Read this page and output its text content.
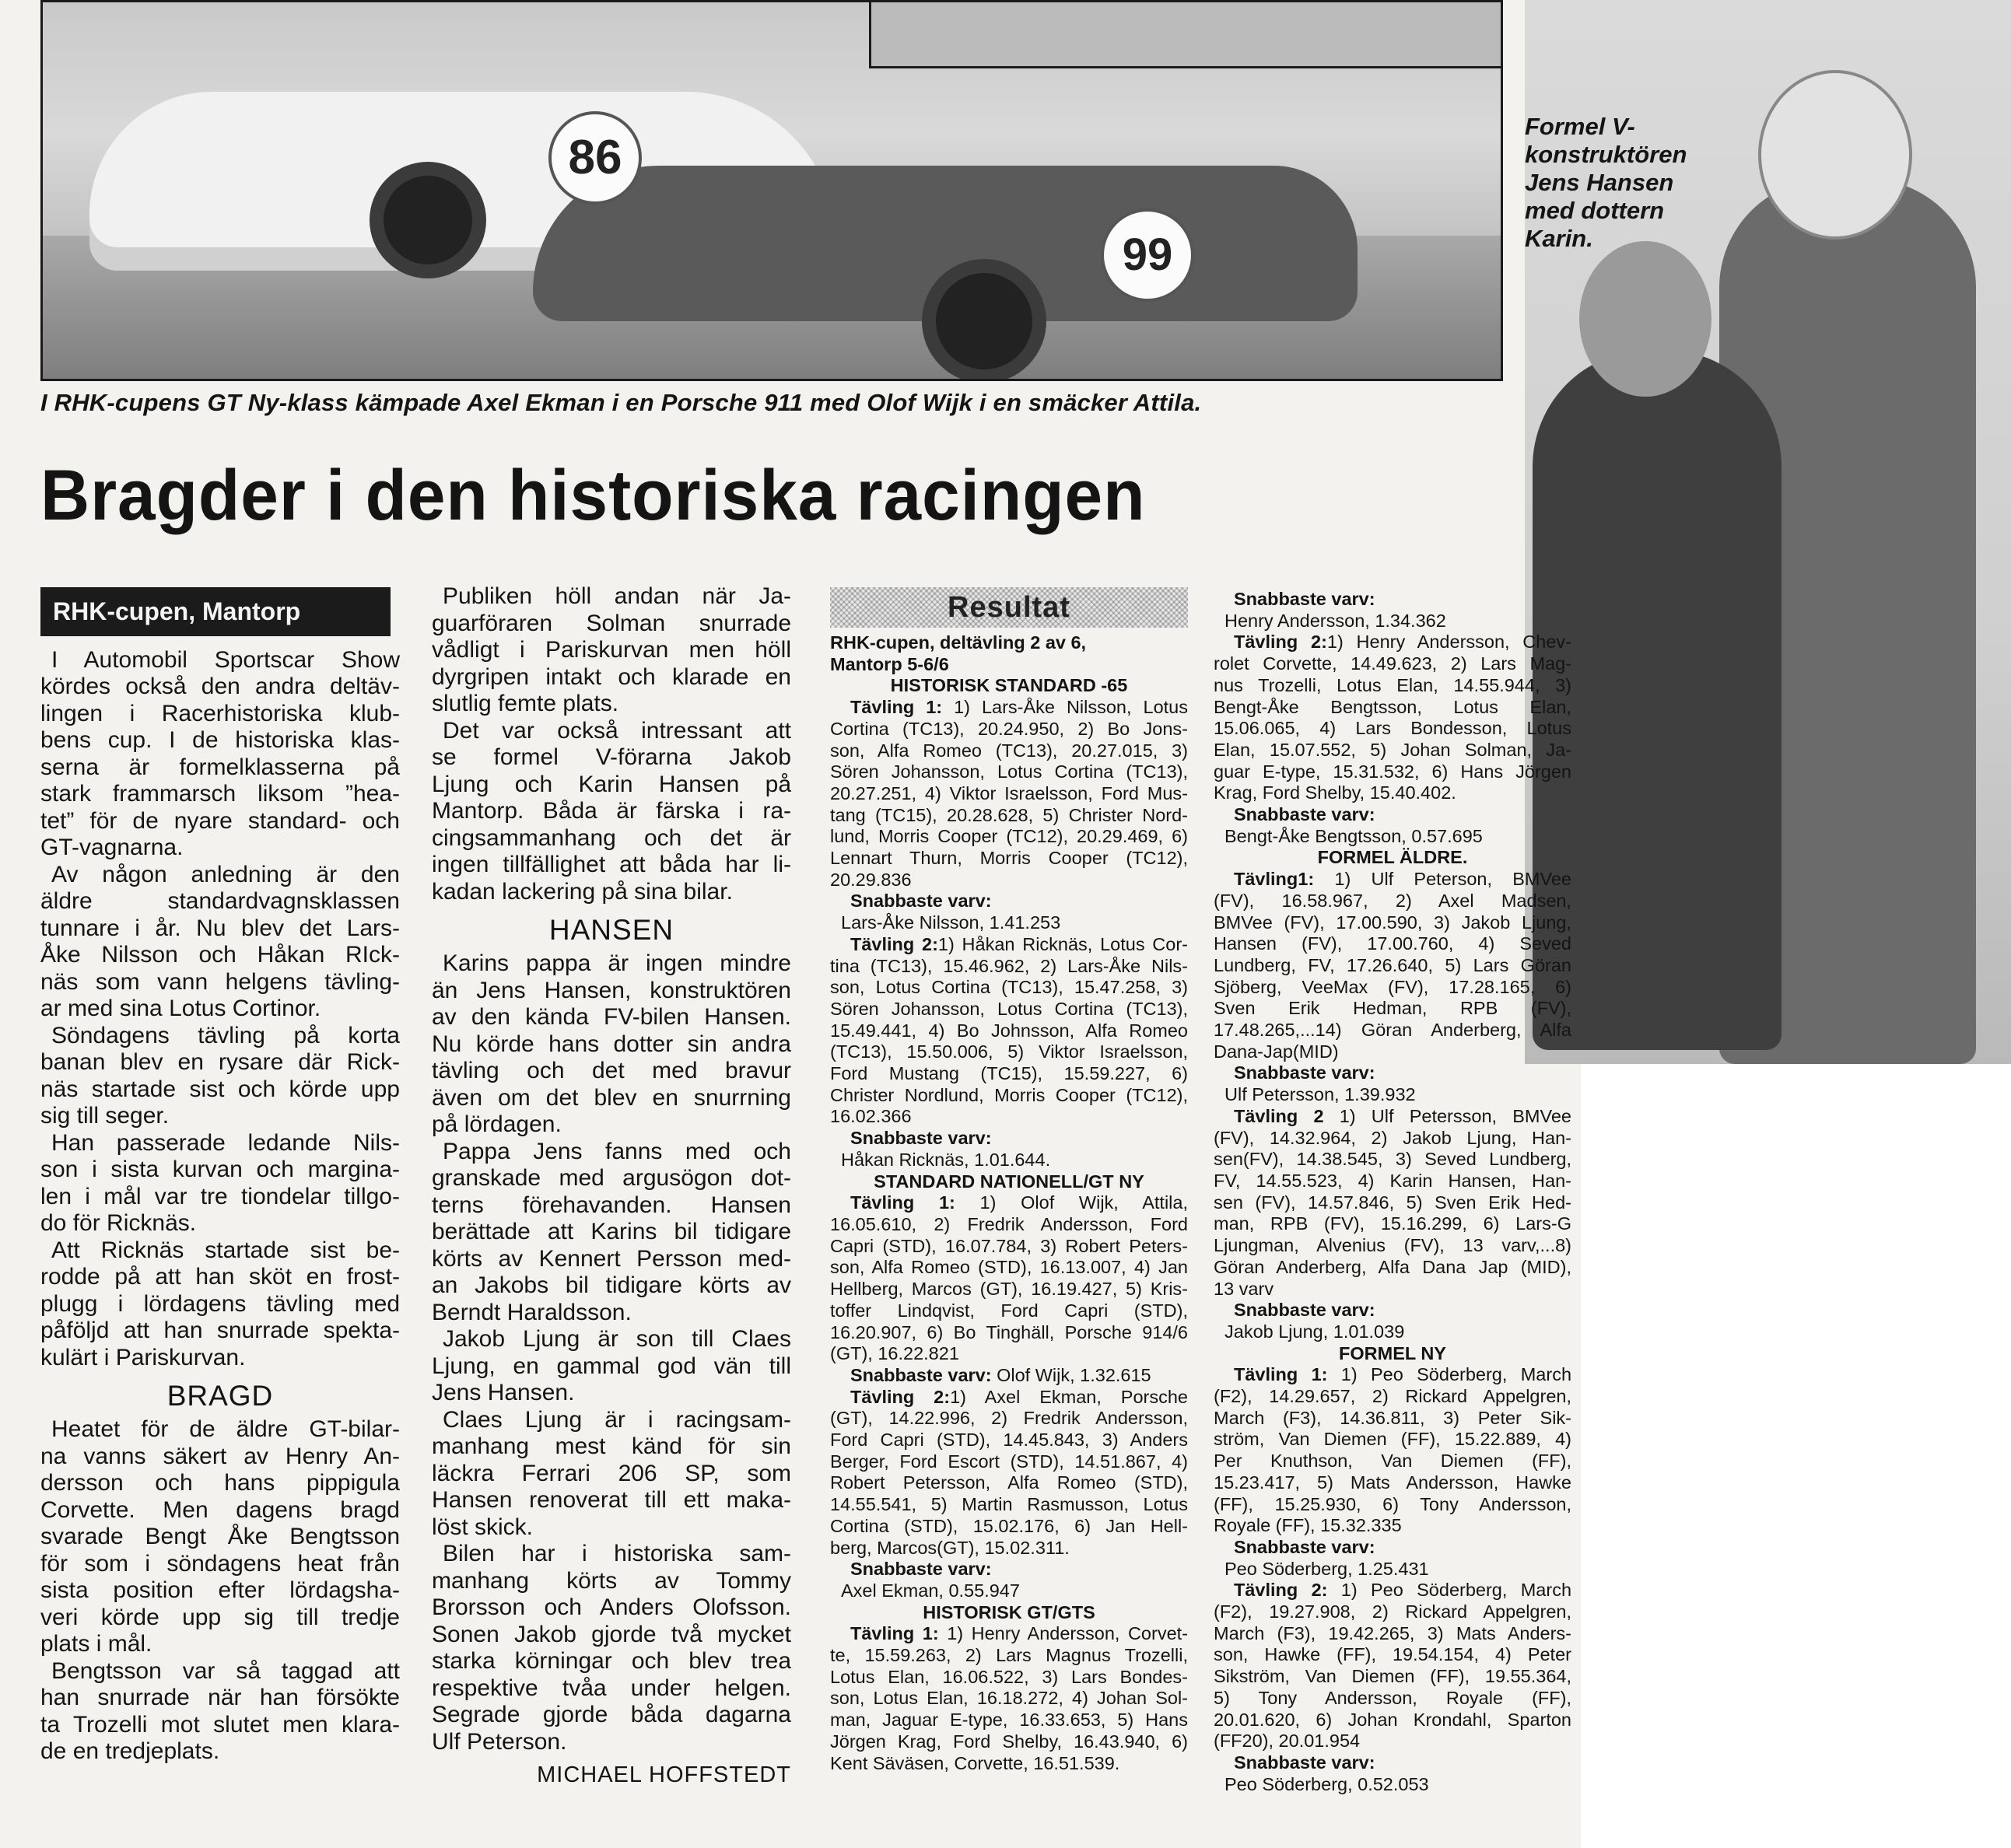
86
99
I RHK-cupens GT Ny-klass kämpade Axel Ekman i en Porsche 911 med Olof Wijk i en smäcker Attila.
Formel V-
konstruktören
Jens Hansen
med dottern
Karin.
Bragder i den historiska racingen
RHK-cupen, Mantorp

I Automobil Sportscar Show
kördes också den andra deltäv-
lingen i Racerhistoriska klub-
bens cup. I de historiska klas-
serna är formelklasserna på
stark frammarsch liksom ”hea-
tet” för de nyare standard- och
GT-vagnarna.

Av någon anledning är den
äldre standardvagnsklassen
tunnare i år. Nu blev det Lars-
Åke Nilsson och Håkan RIck-
näs som vann helgens tävling-
ar med sina Lotus Cortinor.

Söndagens tävling på korta
banan blev en rysare där Rick-
näs startade sist och körde upp
sig till seger.

Han passerade ledande Nils-
son i sista kurvan och margina-
len i mål var tre tiondelar tillgo-
do för Ricknäs.

Att Ricknäs startade sist be-
rodde på att han sköt en frost-
plugg i lördagens tävling med
påföljd att han snurrade spekta-
kulärt i Pariskurvan.

BRAGD

Heatet för de äldre GT-bilar-
na vanns säkert av Henry An-
dersson och hans pippigula
Corvette. Men dagens bragd
svarade Bengt Åke Bengtsson
för som i söndagens heat från
sista position efter lördagsha-
veri körde upp sig till tredje
plats i mål.

Bengtsson var så taggad att
han snurrade när han försökte
ta Trozelli mot slutet men klara-
de en tredjeplats.

Publiken höll andan när Ja-
guarföraren Solman snurrade
vådligt i Pariskurvan men höll
dyrgripen intakt och klarade en
slutlig femte plats.

Det var också intressant att
se formel V-förarna Jakob
Ljung och Karin Hansen på
Mantorp. Båda är färska i ra-
cingsammanhang och det är
ingen tillfällighet att båda har li-
kadan lackering på sina bilar.

HANSEN

Karins pappa är ingen mindre
än Jens Hansen, konstruktören
av den kända FV-bilen Hansen.
Nu körde hans dotter sin andra
tävling och det med bravur
även om det blev en snurrning
på lördagen.

Pappa Jens fanns med och
granskade med argusögon dot-
terns förehavanden. Hansen
berättade att Karins bil tidigare
körts av Kennert Persson med-
an Jakobs bil tidigare körts av
Berndt Haraldsson.

Jakob Ljung är son till Claes
Ljung, en gammal god vän till
Jens Hansen.

Claes Ljung är i racingsam-
manhang mest känd för sin
läckra Ferrari 206 SP, som
Hansen renoverat till ett maka-
löst skick.

Bilen har i historiska sam-
manhang körts av Tommy
Brorsson och Anders Olofsson.
Sonen Jakob gjorde två mycket
starka körningar och blev trea
respektive tvåa under helgen.
Segrade gjorde båda dagarna
Ulf Peterson.

MICHAEL HOFFSTEDT
Resultat
RHK-cupen, deltävling 2 av 6,
Mantorp 5-6/6
HISTORISK STANDARD -65
Tävling 1: 1) Lars-Åke Nilsson, Lotus
Cortina (TC13), 20.24.950, 2) Bo Jons-
son, Alfa Romeo (TC13), 20.27.015, 3)
Sören Johansson, Lotus Cortina (TC13),
20.27.251, 4) Viktor Israelsson, Ford Mus-
tang (TC15), 20.28.628, 5) Christer Nord-
lund, Morris Cooper (TC12), 20.29.469, 6)
Lennart Thurn, Morris Cooper (TC12),
20.29.836
Snabbaste varv:
Lars-Åke Nilsson, 1.41.253
Tävling 2:1) Håkan Ricknäs, Lotus Cor-
tina (TC13), 15.46.962, 2) Lars-Åke Nils-
son, Lotus Cortina (TC13), 15.47.258, 3)
Sören Johansson, Lotus Cortina (TC13),
15.49.441, 4) Bo Johnsson, Alfa Romeo
(TC13), 15.50.006, 5) Viktor Israelsson,
Ford Mustang (TC15), 15.59.227, 6)
Christer Nordlund, Morris Cooper (TC12),
16.02.366
Snabbaste varv:
Håkan Ricknäs, 1.01.644.
STANDARD NATIONELL/GT NY
Tävling 1: 1) Olof Wijk, Attila,
16.05.610, 2) Fredrik Andersson, Ford
Capri (STD), 16.07.784, 3) Robert Peters-
son, Alfa Romeo (STD), 16.13.007, 4) Jan
Hellberg, Marcos (GT), 16.19.427, 5) Kris-
toffer Lindqvist, Ford Capri (STD),
16.20.907, 6) Bo Tinghäll, Porsche 914/6
(GT), 16.22.821
Snabbaste varv: Olof Wijk, 1.32.615
Tävling 2:1) Axel Ekman, Porsche
(GT), 14.22.996, 2) Fredrik Andersson,
Ford Capri (STD), 14.45.843, 3) Anders
Berger, Ford Escort (STD), 14.51.867, 4)
Robert Petersson, Alfa Romeo (STD),
14.55.541, 5) Martin Rasmusson, Lotus
Cortina (STD), 15.02.176, 6) Jan Hell-
berg, Marcos(GT), 15.02.311.
Snabbaste varv:
Axel Ekman, 0.55.947
HISTORISK GT/GTS
Tävling 1: 1) Henry Andersson, Corvet-
te, 15.59.263, 2) Lars Magnus Trozelli,
Lotus Elan, 16.06.522, 3) Lars Bondes-
son, Lotus Elan, 16.18.272, 4) Johan Sol-
man, Jaguar E-type, 16.33.653, 5) Hans
Jörgen Krag, Ford Shelby, 16.43.940, 6)
Kent Säväsen, Corvette, 16.51.539.
Snabbaste varv:
Henry Andersson, 1.34.362
Tävling 2:1) Henry Andersson, Chev-
rolet Corvette, 14.49.623, 2) Lars Mag-
nus Trozelli, Lotus Elan, 14.55.944, 3)
Bengt-Åke Bengtsson, Lotus Elan,
15.06.065, 4) Lars Bondesson, Lotus
Elan, 15.07.552, 5) Johan Solman, Ja-
guar E-type, 15.31.532, 6) Hans Jörgen
Krag, Ford Shelby, 15.40.402.
Snabbaste varv:
Bengt-Åke Bengtsson, 0.57.695
FORMEL ÄLDRE.
Tävling1: 1) Ulf Peterson, BMVee
(FV), 16.58.967, 2) Axel Madsen,
BMVee (FV), 17.00.590, 3) Jakob Ljung,
Hansen (FV), 17.00.760, 4) Seved
Lundberg, FV, 17.26.640, 5) Lars Göran
Sjöberg, VeeMax (FV), 17.28.165, 6)
Sven Erik Hedman, RPB (FV),
17.48.265,...14) Göran Anderberg, Alfa
Dana-Jap(MID)
Snabbaste varv:
Ulf Petersson, 1.39.932
Tävling 2 1) Ulf Petersson, BMVee
(FV), 14.32.964, 2) Jakob Ljung, Han-
sen(FV), 14.38.545, 3) Seved Lundberg,
FV, 14.55.523, 4) Karin Hansen, Han-
sen (FV), 14.57.846, 5) Sven Erik Hed-
man, RPB (FV), 15.16.299, 6) Lars-G
Ljungman, Alvenius (FV), 13 varv,...8)
Göran Anderberg, Alfa Dana Jap (MID),
13 varv
Snabbaste varv:
Jakob Ljung, 1.01.039
FORMEL NY
Tävling 1: 1) Peo Söderberg, March
(F2), 14.29.657, 2) Rickard Appelgren,
March (F3), 14.36.811, 3) Peter Sik-
ström, Van Diemen (FF), 15.22.889, 4)
Per Knuthson, Van Diemen (FF),
15.23.417, 5) Mats Andersson, Hawke
(FF), 15.25.930, 6) Tony Andersson,
Royale (FF), 15.32.335
Snabbaste varv:
Peo Söderberg, 1.25.431
Tävling 2: 1) Peo Söderberg, March
(F2), 19.27.908, 2) Rickard Appelgren,
March (F3), 19.42.265, 3) Mats Anders-
son, Hawke (FF), 19.54.154, 4) Peter
Sikström, Van Diemen (FF), 19.55.364,
5) Tony Andersson, Royale (FF),
20.01.620, 6) Johan Krondahl, Sparton
(FF20), 20.01.954
Snabbaste varv:
Peo Söderberg, 0.52.053
